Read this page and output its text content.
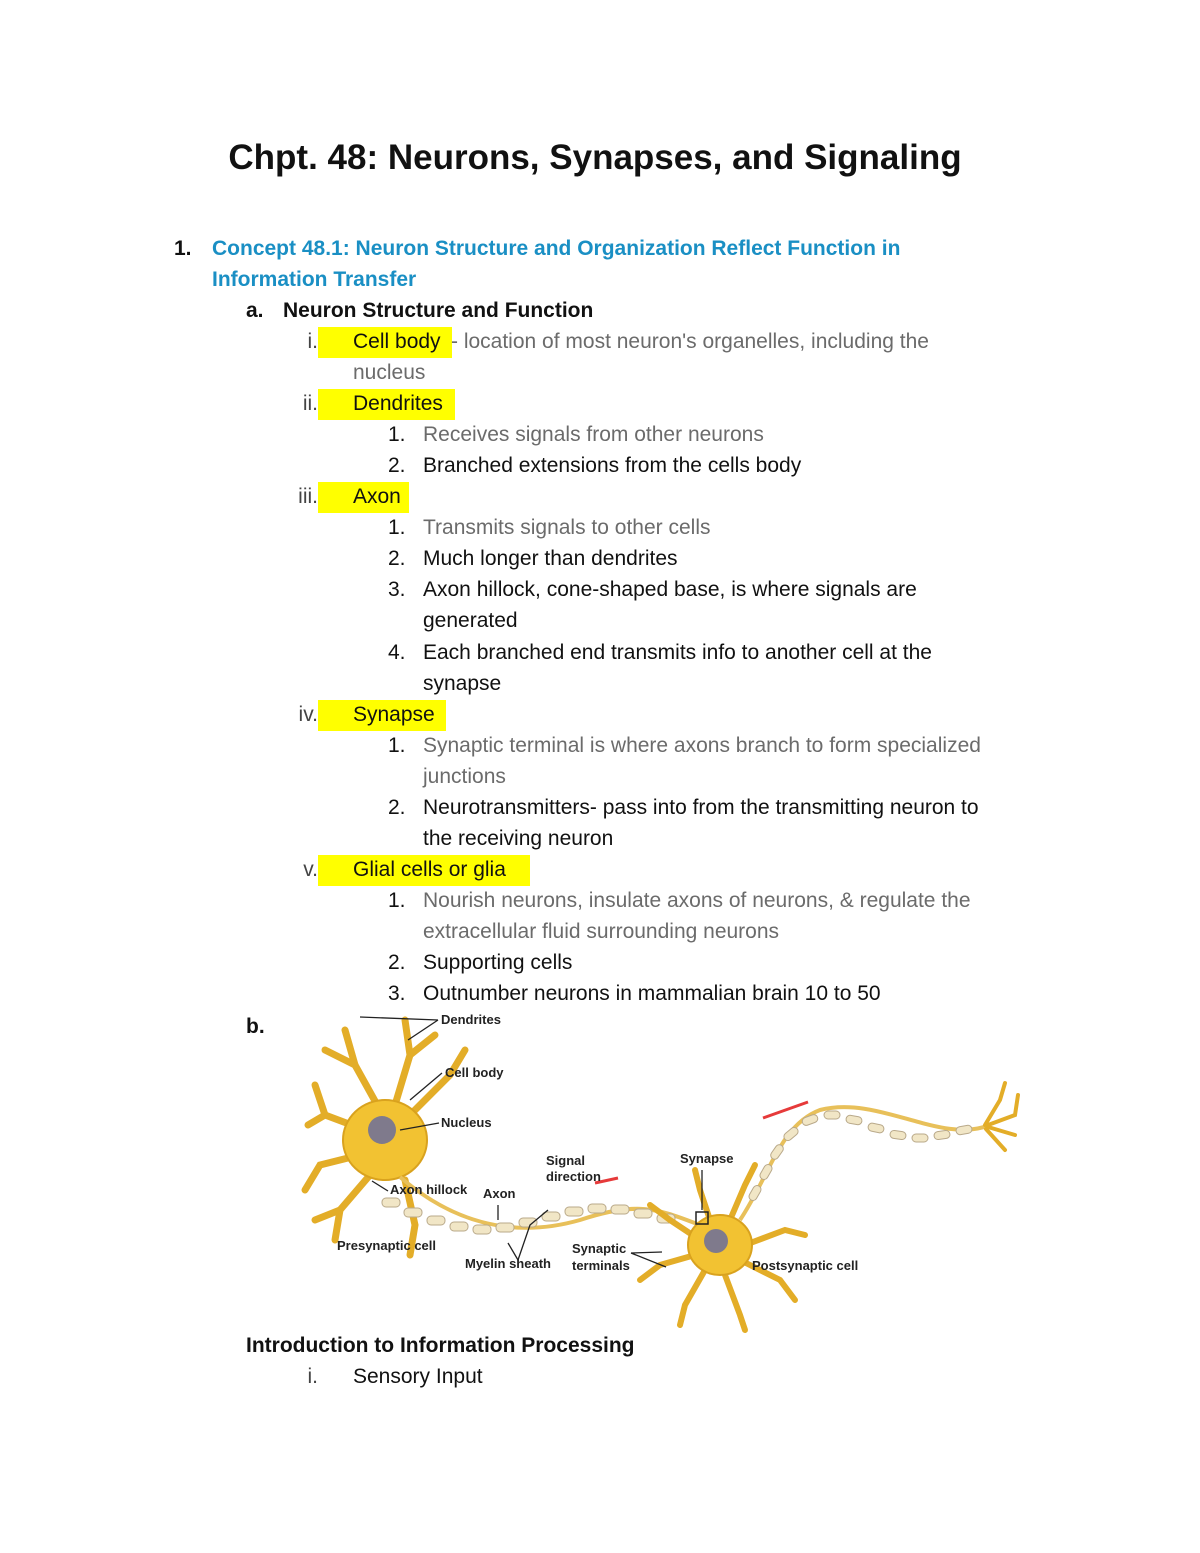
Chpt. 48: Neurons, Synapses, and Signaling
1. Concept 48.1: Neuron Structure and Organization Reflect Function in
Information Transfer
a. Neuron Structure and Function
i. Cell body - location of most neuron's organelles, including the
nucleus
ii. Dendrites
1. Receives signals from other neurons
2. Branched extensions from the cells body
iii. Axon
1. Transmits signals to other cells
2. Much longer than dendrites
3. Axon hillock, cone-shaped base, is where signals are
generated
4. Each branched end transmits info to another cell at the
synapse
iv. Synapse
1. Synaptic terminal is where axons branch to form specialized
junctions
2. Neurotransmitters- pass into from the transmitting neuron to
the receiving neuron
v. Glial cells or glia
1. Nourish neurons, insulate axons of neurons, & regulate the
extracellular fluid surrounding neurons
2. Supporting cells
3. Outnumber neurons in mammalian brain 10 to 50
b.	Dendrites
Cell body
Nucleus
Axon hillock Axon
Signal
direction
Synapse
Presynaptic cell
Myelin sheath
Synaptic
terminals	Postsynaptic cell
Introduction to Information Processing
i. Sensory Input
